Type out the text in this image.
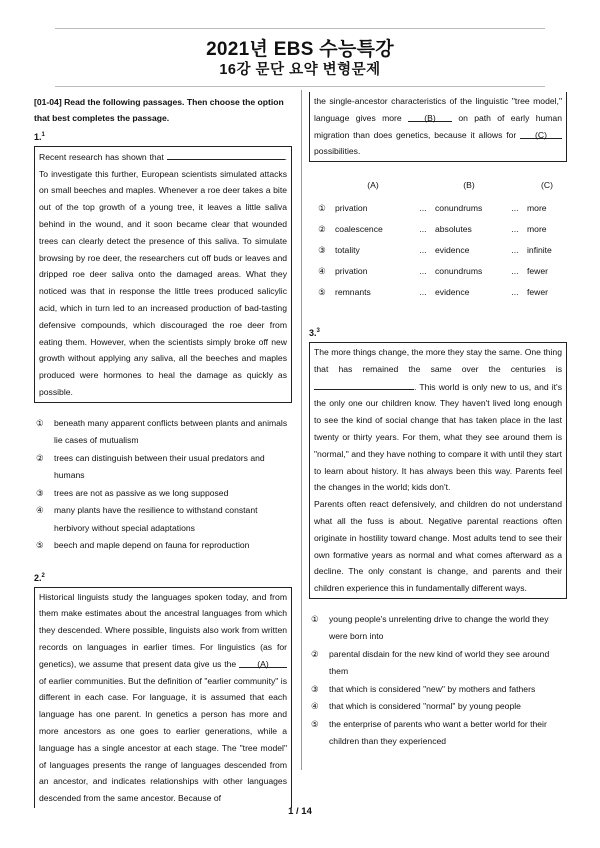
2021년 EBS 수능특강
16강 문단 요약 변형문제
[01-04] Read the following passages. Then choose the option that best completes the passage.
1.$^1$
Recent research has shown that	. To investigate this further, European scientists simulated attacks on small beeches and maples. Whenever a roe deer takes a bite out of the top growth of a young tree, it leaves a little saliva behind in the wound, and it soon became clear that wounded trees can clearly detect the presence of this saliva. To simulate browsing by roe deer, the researchers cut off buds or leaves and dripped roe deer saliva onto the damaged areas. What they noticed was that in response the little trees produced salicylic acid, which in turn led to an increased production of bad-tasting defensive compounds, which discouraged the roe deer from eating them. However, when the scientists simply broke off new growth without applying any saliva, all the beeches and maples produced were hormones to heal the damage as quickly as possible.
① beneath many apparent conflicts between plants and animals lie cases of mutualism
② trees can distinguish between their usual predators and humans
③ trees are not as passive as we long supposed
④ many plants have the resilience to withstand constant herbivory without special adaptations
⑤ beech and maple depend on fauna for reproduction
2.$^2$
Historical linguists study the languages spoken today, and from them make estimates about the ancestral languages from which they descended. Where possible, linguists also work from written records on languages in earlier times. For linguistics (as for genetics), we assume that present data give us the (A) of earlier communities. But the definition of "earlier community" is different in each case. For language, it is assumed that each language has one parent. In genetics a person has more and more ancestors as one goes to earlier generations, while a language has a single ancestor at each stage. The "tree model" of languages presents the range of languages descended from an ancestor, and indicates relationships with other languages descended from the same ancestor. Because of
the single-ancestor characteristics of the linguistic "tree model," language gives more	(B)	on path of early human migration than does genetics, because it allows for (C) possibilities.
	(A)		(B)		(C)
①	privation	...	conundrums	...	more
②	coalescence	...	absolutes	...	more
③	totality	...	evidence	...	infinite
④	privation	...	conundrums	...	fewer
⑤	remnants	...	evidence	...	fewer
3.$^3$
The more things change, the more they stay the same. One thing that has remained the same over the centuries is . This world is only new to us, and it's the only one our children know. They haven't lived long enough to see the kind of social change that has taken place in the last twenty or thirty years. For them, what they see around them is "normal," and they have nothing to compare it with until they start to learn about history. It has always been this way. Parents feel the changes in the world; kids don't.
Parents often react defensively, and children do not understand what all the fuss is about. Negative parental reactions often originate in hostility toward change. Most adults tend to see their own formative years as normal and what comes afterward as a decline. The only constant is change, and parents and their children experience this in fundamentally different ways.
① young people's unrelenting drive to change the world they were born into
② parental disdain for the new kind of world they see around them
③ that which is considered "new" by mothers and fathers
④ that which is considered "normal" by young people
⑤ the enterprise of parents who want a better world for their children than they experienced
1 / 14
